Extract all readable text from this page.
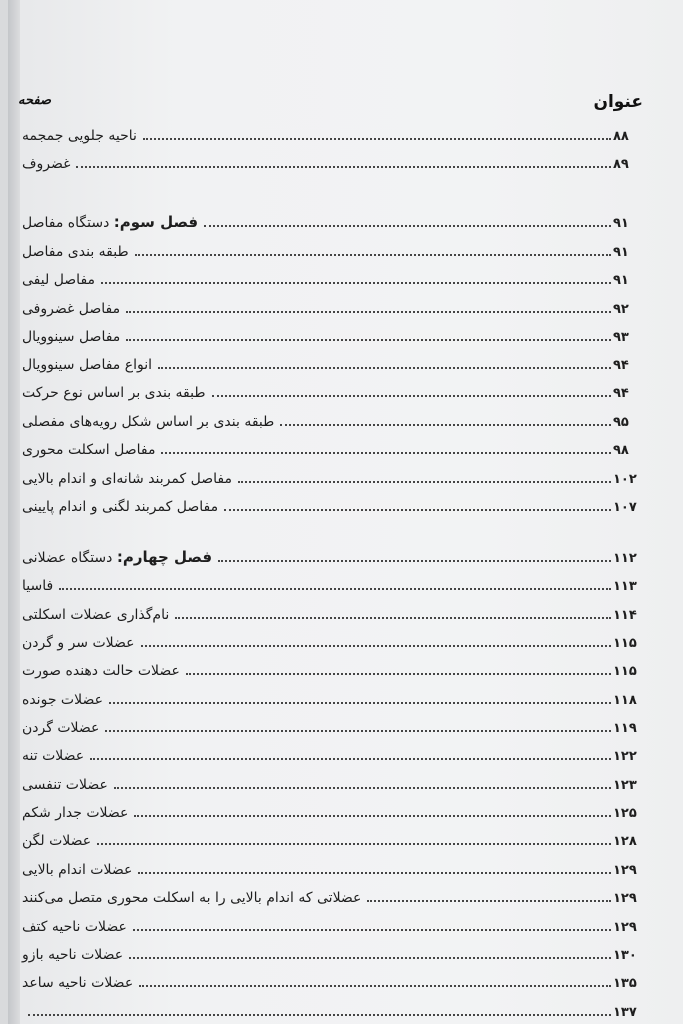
عنوان
صفحه
ناحیه جلویی جمجمه	۸۸
غضروف	۸۹
فصل سوم: دستگاه مفاصل	۹۱
طبقه بندی مفاصل	۹۱
مفاصل لیفی	۹۱
مفاصل غضروفی	۹۲
مفاصل سینوویال	۹۳
انواع مفاصل سینوویال	۹۴
طبقه بندی بر اساس نوع حرکت	۹۴
طبقه بندی بر اساس شکل رویه‌های مفصلی	۹۵
مفاصل اسکلت محوری	۹۸
مفاصل کمربند شانه‌ای و اندام بالایی	۱۰۲
مفاصل کمربند لگنی و اندام پایینی	۱۰۷
فصل چهارم: دستگاه عضلانی	۱۱۲
فاسیا	۱۱۳
نام‌گذاری عضلات اسکلتی	۱۱۴
عضلات سر و گردن	۱۱۵
عضلات حالت دهنده صورت	۱۱۵
عضلات جونده	۱۱۸
عضلات گردن	۱۱۹
عضلات تنه	۱۲۲
عضلات تنفسی	۱۲۳
عضلات جدار شکم	۱۲۵
عضلات لگن	۱۲۸
عضلات اندام بالایی	۱۲۹
عضلاتی که اندام بالایی را به اسکلت محوری متصل می‌کنند	۱۲۹
عضلات ناحیه کتف	۱۲۹
عضلات ناحیه بازو	۱۳۰
عضلات ناحیه ساعد	۱۳۵
۱۳۷
